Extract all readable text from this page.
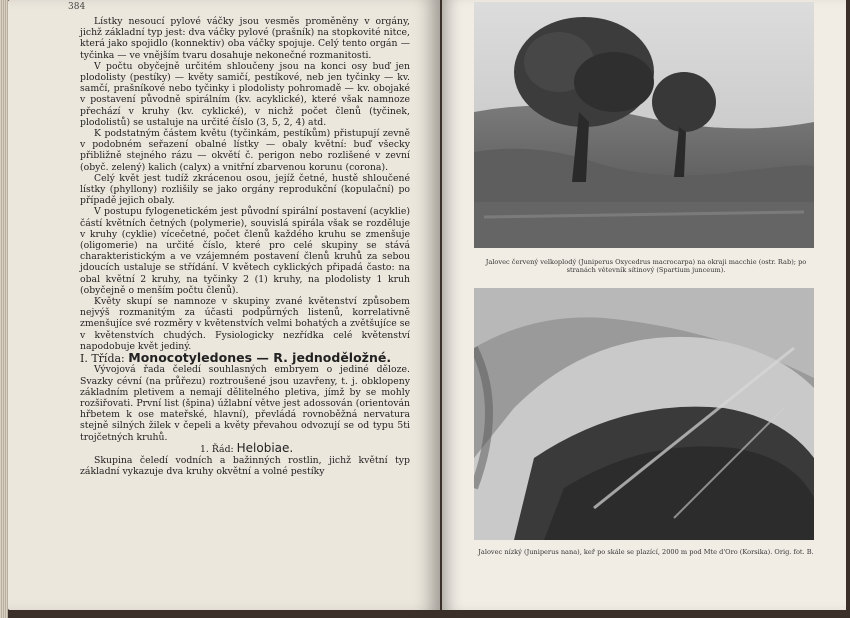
384

Lístky nesoucí pylové váčky jsou vesměs proměněny v orgány, jichž základní typ jest: dva váčky pylové (prašník) na stopkovité nitce, která jako spojidlo (konnektiv) oba váčky spojuje. Celý tento orgán — tyčinka — ve vnějším tvaru dosahuje nekonečné rozmanitosti.

V počtu obyčejně určitém shloučeny jsou na konci osy buď jen plodolisty (pestíky) — květy samičí, pestíkové, neb jen tyčinky — kv. samčí, prašníkové nebo tyčinky i plodolisty pohromadě — kv. obojaké v postavení původně spirálním (kv. acyklické), které však namnoze přechází v kruhy (kv. cyklické), v nichž počet členů (tyčinek, plodolistů) se ustaluje na určité číslo (3, 5, 2, 4) atd.

K podstatným částem květu (tyčinkám, pestíkům) přistupují zevně v podobném seřazení obalné lístky — obaly květní: buď všecky přibližně stejného rázu — okvětí č. perigon nebo rozlišené v zevní (obyč. zelený) kalich (calyx) a vnitřní zbarvenou korunu (corona).

Celý květ jest tudíž zkrácenou osou, jejíž četné, hustě shloučené lístky (phyllony) rozlišily se jako orgány reprodukční (kopulační) po případě jejich obaly.

V postupu fylogenetickém jest původní spirální postavení (acyklie) částí květních četných (polymerie), souvislá spirála však se rozděluje v kruhy (cyklie) vícečetné, počet členů každého kruhu se zmenšuje (oligomerie) na určité číslo, které pro celé skupiny se stává charakteristickým a ve vzájemném postavení členů kruhů za sebou jdoucích ustaluje se střídání. V květech cyklických připadá často: na obal květní 2 kruhy, na tyčinky 2 (1) kruhy, na plodolisty 1 kruh (obyčejně o menším počtu členů).

Květy skupí se namnoze v skupiny zvané květenství způsobem nejvýš rozmanitým za účasti podpůrných listenů, korrelativně zmenšujíce své rozměry v květenstvích velmi bohatých a zvětšujíce se v květenstvích chudých. Fysiologicky nezřídka celé květenství napodobuje květ jediný.

I. Třída: Monocotyledones — R. jednoděložné.

Vývojová řada čeledí souhlasných embryem o jediné děloze. Svazky cévní (na průřezu) roztroušené jsou uzavřeny, t. j. obklopeny základním pletivem a nemají dělitelného pletiva, jímž by se mohly rozšiřovati. První list (špina) úžlabní větve jest adossován (orientován hřbetem k ose mateřské, hlavní), převládá rovnoběžná nervatura stejně silných žilek v čepeli a květy převahou odvozují se od typu 5ti trojčetných kruhů.

1. Řád: Helobiae.

Skupina čeledí vodních a bažinných rostlin, jichž květní typ základní vykazuje dva kruhy okvětní a volné pestíky

Jalovec červený velkoplodý (Juniperus Oxycedrus macrocarpa) na okraji macchie (ostr. Rab); po stranách větevník sítinový (Spartium junceum).
Jalovec nízký (Juniperus nana), keř po skále se plazící, 2000 m pod Mte d'Oro (Korsika). Orig. fot. B.
